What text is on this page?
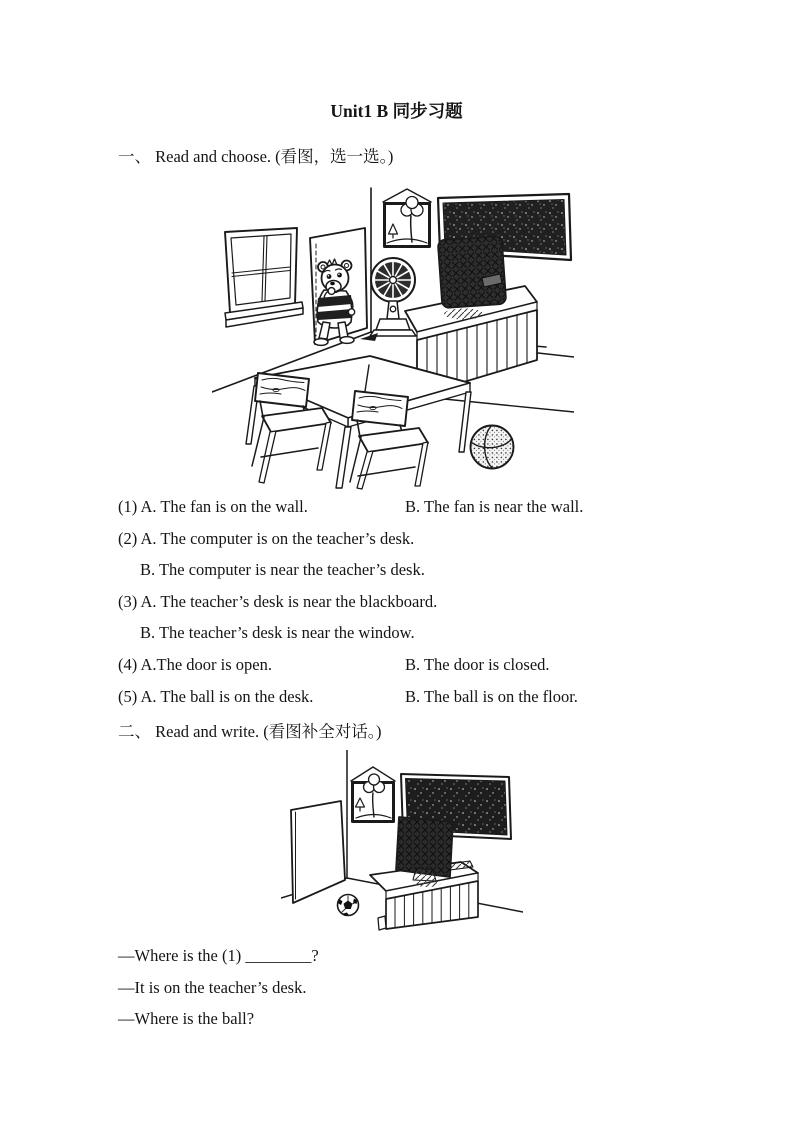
Unit1 B 同步习题
一、 Read and choose. (看图，选一选。)
(1) A. The fan is on the wall.	B. The fan is near the wall.
(2) A. The computer is on the teacher’s desk.
B. The computer is near the teacher’s desk.
(3) A. The teacher’s desk is near the blackboard.
B. The teacher’s desk is near the window.
(4) A.The door is open.	B. The door is closed.
(5) A. The ball is on the desk.	B. The ball is on the floor.
二、 Read and write. (看图补全对话。)
—Where is the (1) ________?
—It is on the teacher’s desk.
—Where is the ball?
